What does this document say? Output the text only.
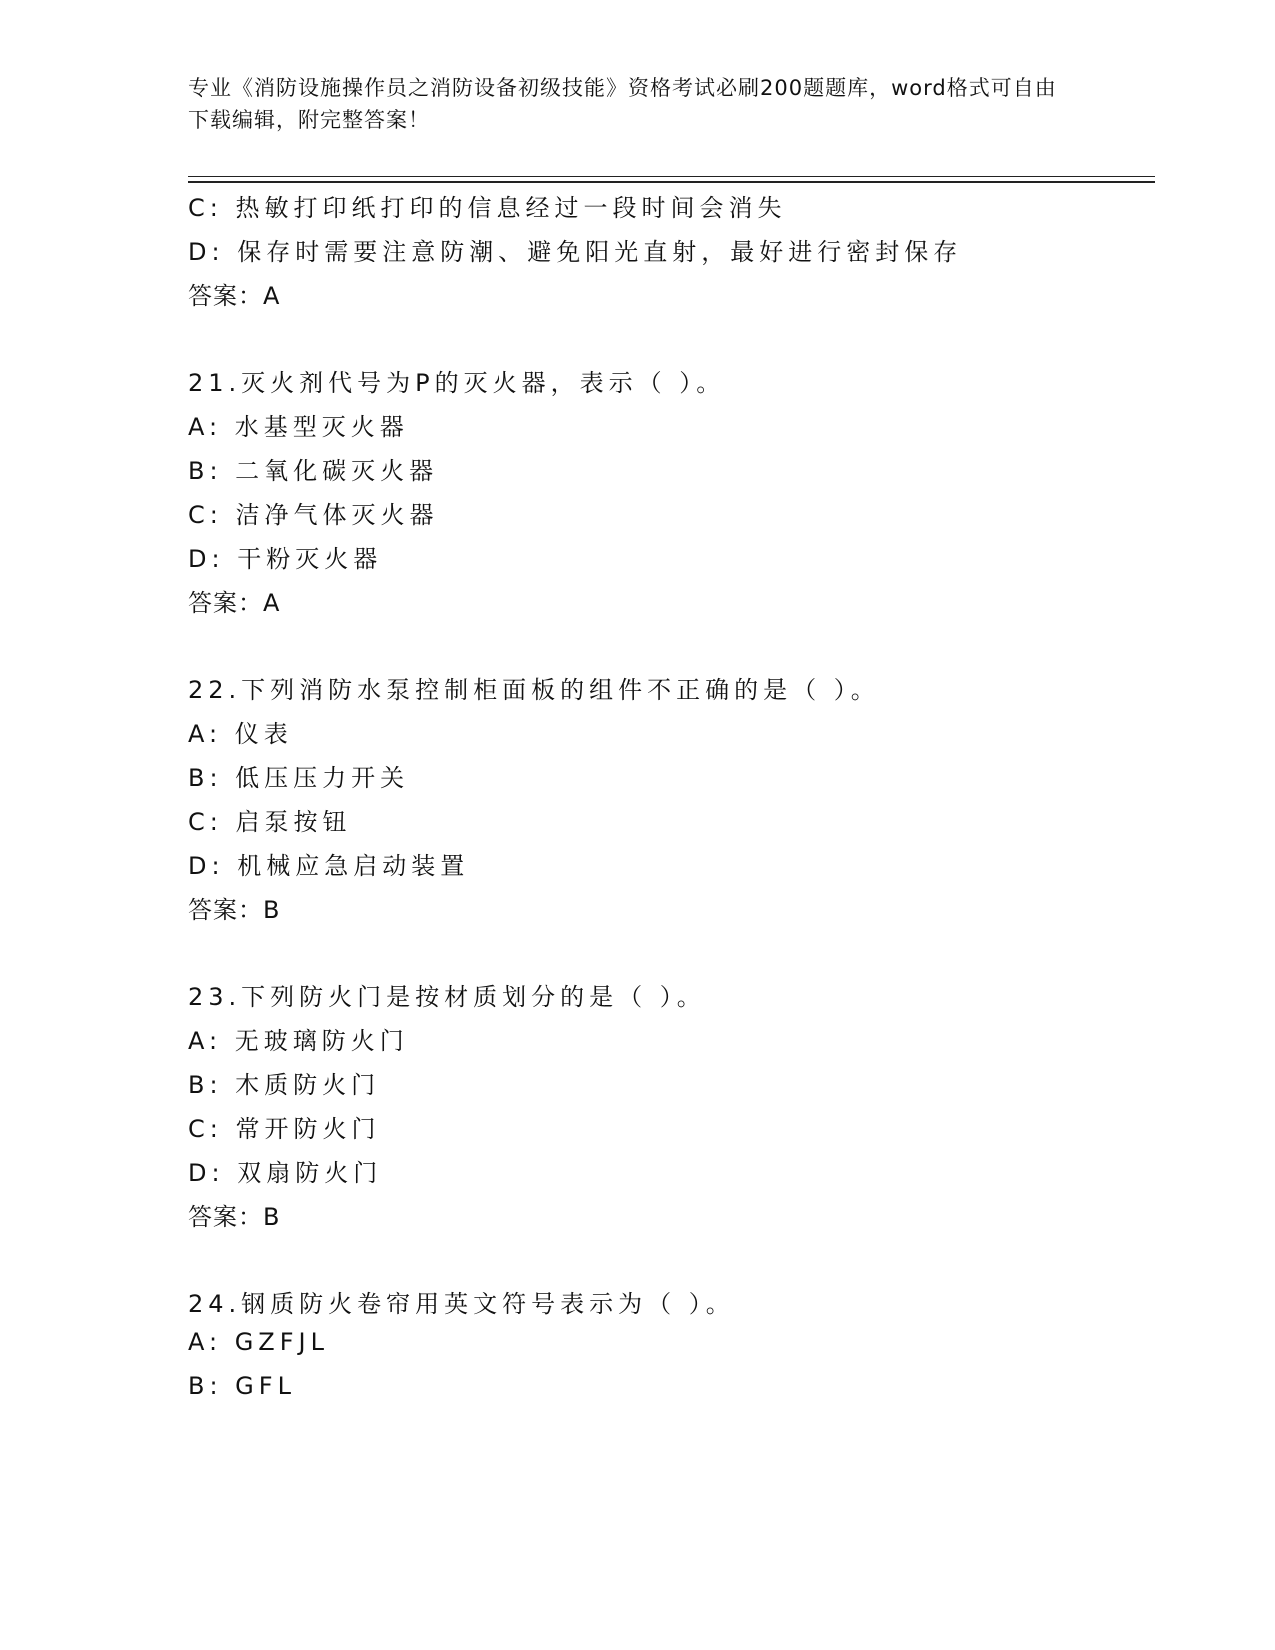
专业《消防设施操作员之消防设备初级技能》资格考试必刷200题题库，word格式可自由下载编辑，附完整答案！
C: 热敏打印纸打印的信息经过一段时间会消失
D: 保存时需要注意防潮、避免阳光直射，最好进行密封保存
答案：A
21.灭火剂代号为P的灭火器，表示（ ）。
A: 水基型灭火器
B: 二氧化碳灭火器
C: 洁净气体灭火器
D: 干粉灭火器
答案：A
22.下列消防水泵控制柜面板的组件不正确的是（ ）。
A: 仪表
B: 低压压力开关
C: 启泵按钮
D: 机械应急启动装置
答案：B
23.下列防火门是按材质划分的是（ ）。
A: 无玻璃防火门
B: 木质防火门
C: 常开防火门
D: 双扇防火门
答案：B
24.钢质防火卷帘用英文符号表示为（ ）。
A: GZFJL
B: GFL
